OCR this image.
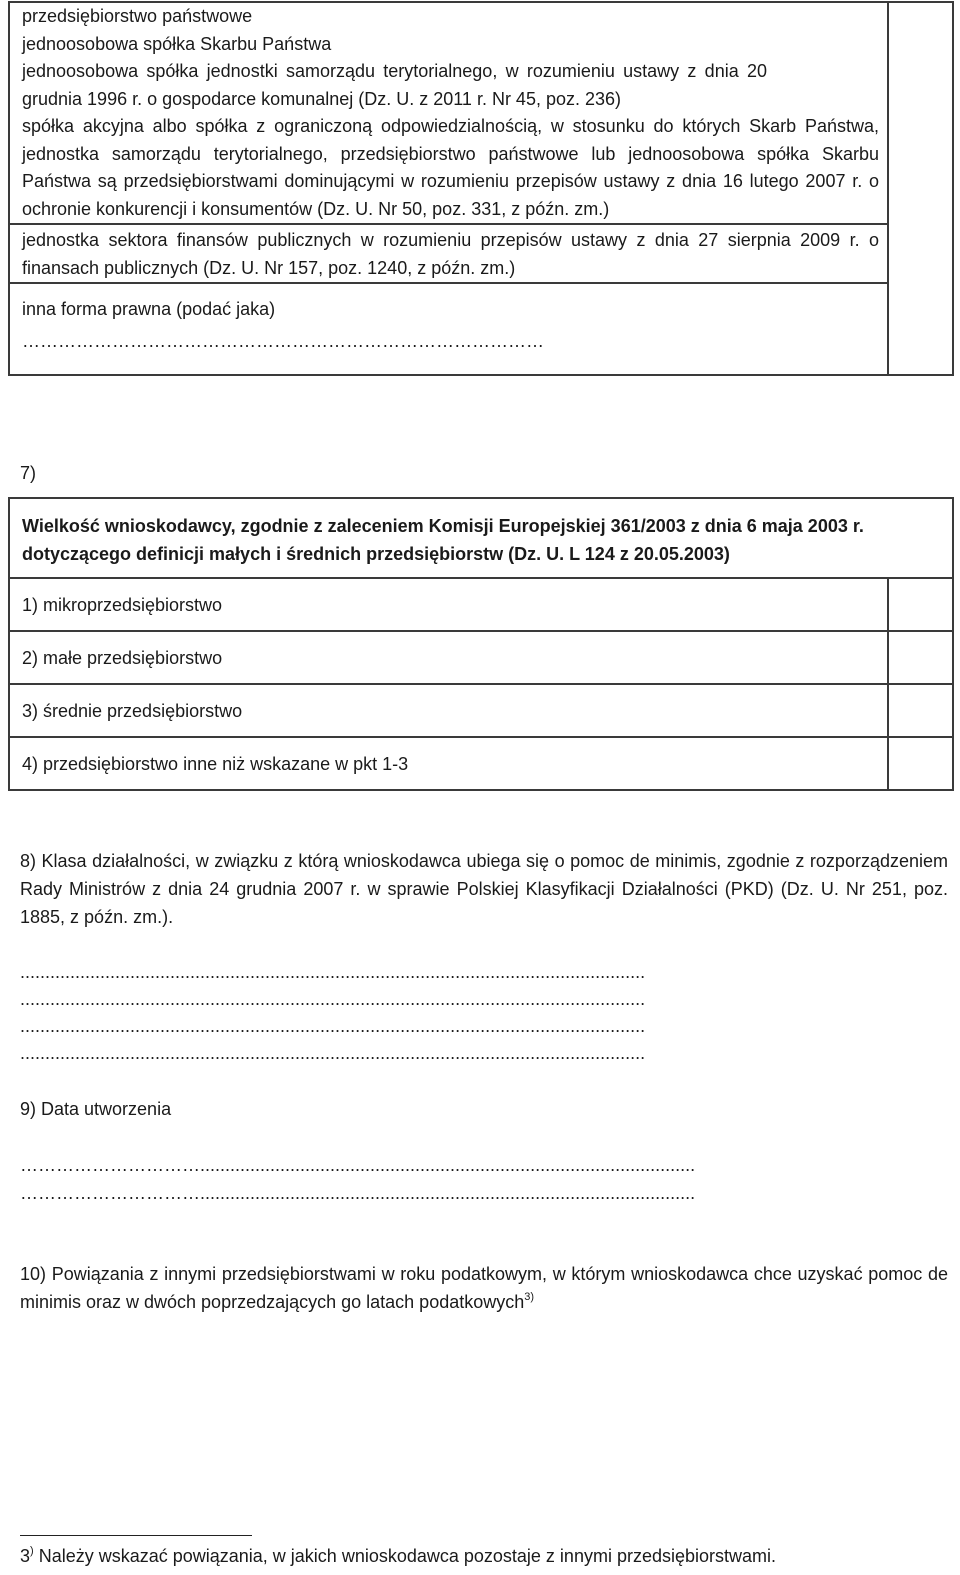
przedsiębiorstwo państwowe
jednoosobowa spółka Skarbu Państwa
jednoosobowa spółka jednostki samorządu terytorialnego, w rozumieniu ustawy z dnia 20 grudnia 1996 r. o gospodarce komunalnej (Dz. U. z 2011 r. Nr 45, poz. 236)
spółka akcyjna albo spółka z ograniczoną odpowiedzialnością, w stosunku do których Skarb Państwa, jednostka samorządu terytorialnego, przedsiębiorstwo państwowe lub jednoosobowa spółka Skarbu Państwa są przedsiębiorstwami dominującymi w rozumieniu przepisów ustawy z dnia 16 lutego 2007 r. o ochronie konkurencji i konsumentów (Dz. U. Nr 50, poz. 331, z późn. zm.)

jednostka sektora finansów publicznych w rozumieniu przepisów ustawy z dnia 27 sierpnia 2009 r. o finansach publicznych (Dz. U. Nr 157, poz. 1240, z późn. zm.)

inna forma prawna (podać jaka)
……………………………………………………………………………
7)
Wielkość wnioskodawcy, zgodnie z zaleceniem Komisji Europejskiej 361/2003 z dnia 6 maja 2003 r. dotyczącego definicji małych i średnich przedsiębiorstw (Dz. U. L 124 z 20.05.2003)	

1) mikroprzedsiębiorstwo	

2) małe przedsiębiorstwo	

3) średnie przedsiębiorstwo	

4) przedsiębiorstwo inne niż wskazane w pkt 1-3	

8) Klasa działalności, w związku z którą wnioskodawca ubiega się o pomoc de minimis, zgodnie z rozporządzeniem Rady Ministrów z dnia 24 grudnia 2007 r. w sprawie Polskiej Klasyfikacji Działalności (PKD) (Dz. U. Nr 251, poz. 1885, z późn. zm.).
.............................................................................................................................
.............................................................................................................................
.............................................................................................................................
.............................................................................................................................
9) Data utworzenia
…………………………...................................................................................................
…………………………...................................................................................................
10) Powiązania z innymi przedsiębiorstwami w roku podatkowym, w którym wnioskodawca chce uzyskać pomoc de minimis oraz w dwóch poprzedzających go latach podatkowych$^{3)}$
3) Należy wskazać powiązania, w jakich wnioskodawca pozostaje z innymi przedsiębiorstwami.
